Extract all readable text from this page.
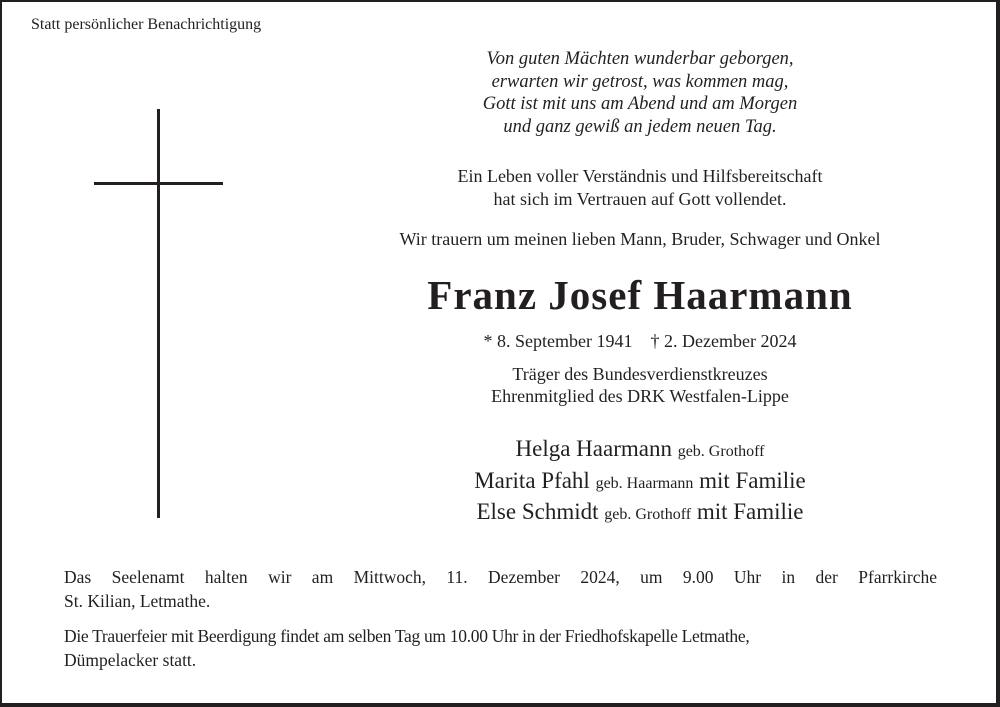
Statt persönlicher Benachrichtigung
Von guten Mächten wunderbar geborgen,
erwarten wir getrost, was kommen mag,
Gott ist mit uns am Abend und am Morgen
und ganz gewiß an jedem neuen Tag.
Ein Leben voller Verständnis und Hilfsbereitschaft
hat sich im Vertrauen auf Gott vollendet.
Wir trauern um meinen lieben Mann, Bruder, Schwager und Onkel
Franz Josef Haarmann
* 8. September 1941 † 2. Dezember 2024
Träger des Bundesverdienstkreuzes
Ehrenmitglied des DRK Westfalen-Lippe
Helga Haarmann geb. Grothoff
Marita Pfahl geb. Haarmann mit Familie
Else Schmidt geb. Grothoff mit Familie
Das Seelenamt halten wir am Mittwoch, 11. Dezember 2024, um 9.00 Uhr in der Pfarrkirche
St. Kilian, Letmathe.
Die Trauerfeier mit Beerdigung findet am selben Tag um 10.00 Uhr in der Friedhofskapelle Letmathe,
Dümpelacker statt.
